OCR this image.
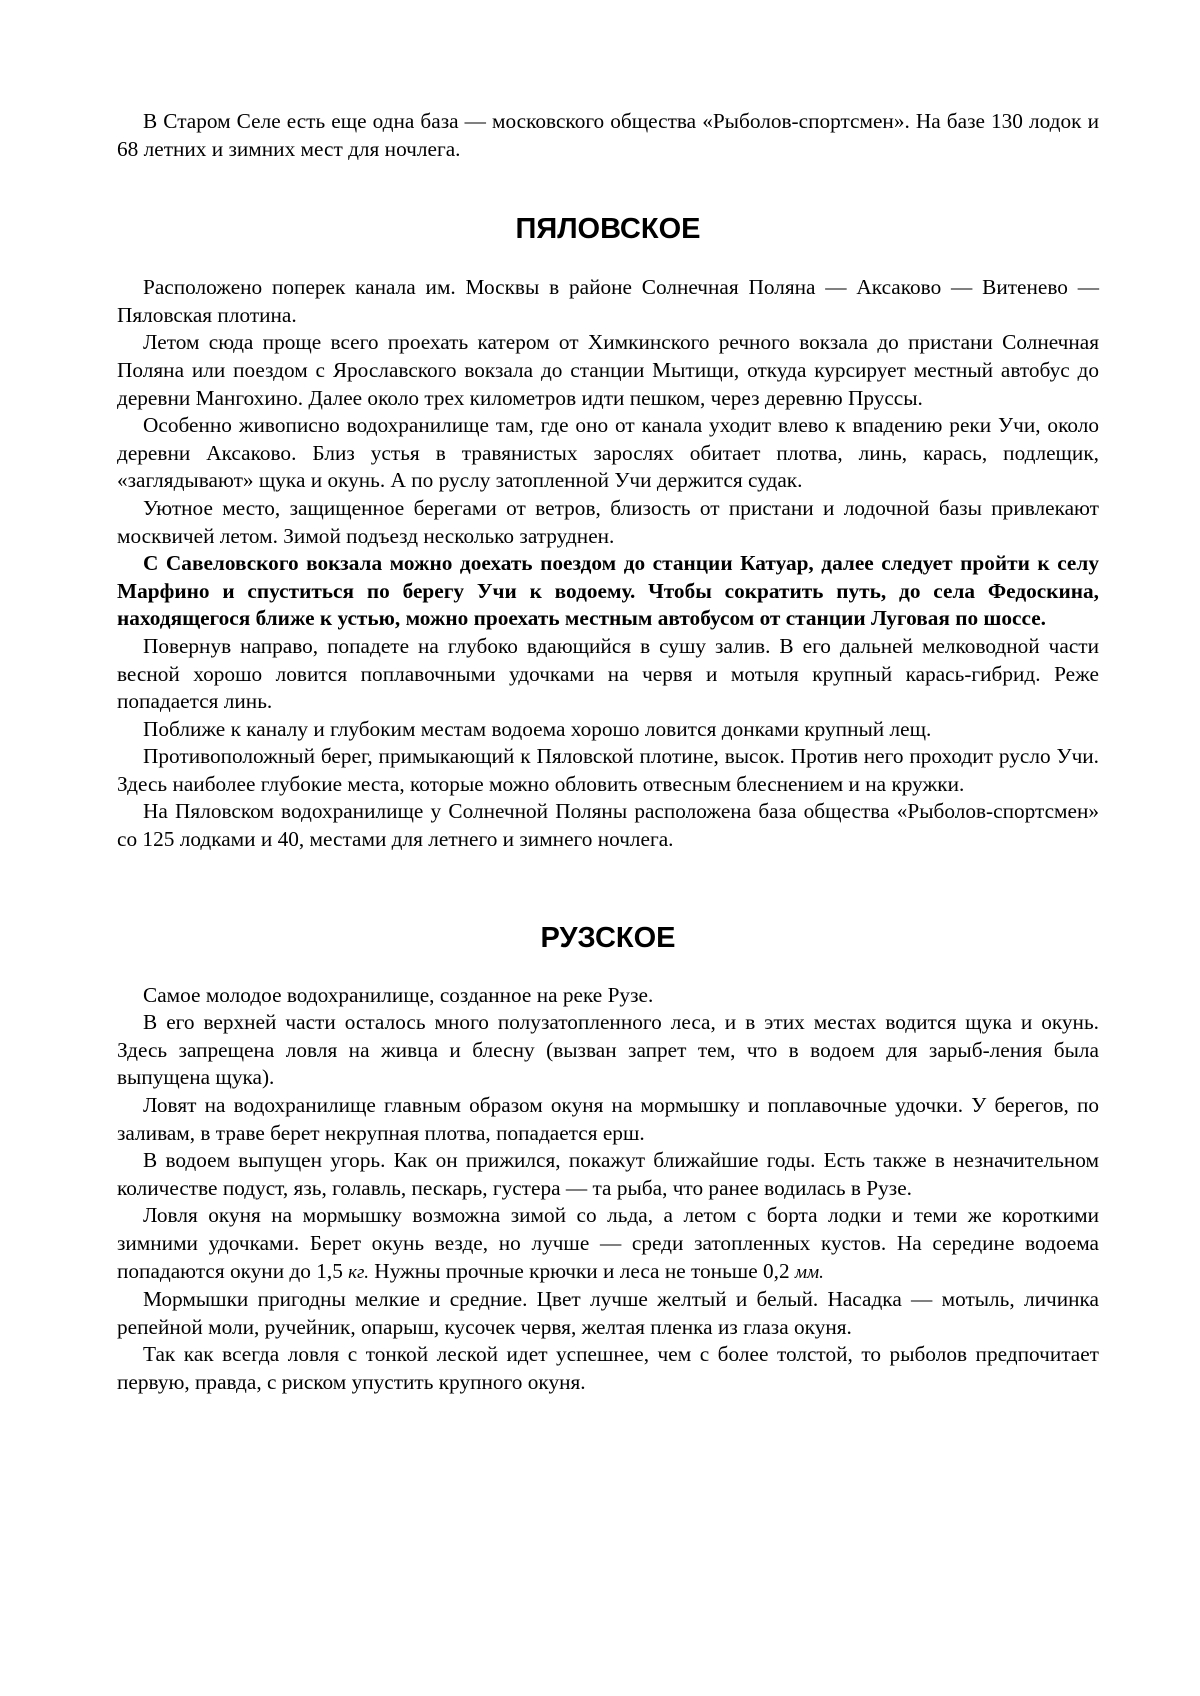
В Старом Селе есть еще одна база — московского общества «Рыболов-спортсмен». На базе 130 лодок и 68 летних и зимних мест для ночлега.

ПЯЛОВСКОЕ

Расположено поперек канала им. Москвы в районе Солнечная Поляна — Аксаково — Витенево — Пяловская плотина.

Летом сюда проще всего проехать катером от Химкинского речного вокзала до пристани Солнечная Поляна или поездом с Ярославского вокзала до станции Мытищи, откуда курсирует местный автобус до деревни Мангохино. Далее около трех километров идти пешком, через деревню Пруссы.

Особенно живописно водохранилище там, где оно от канала уходит влево к впадению реки Учи, около деревни Аксаково. Близ устья в травянистых зарослях обитает плотва, линь, карась, подлещик, «заглядывают» щука и окунь. А по руслу затопленной Учи держится судак.

Уютное место, защищенное берегами от ветров, близость от пристани и лодочной базы привлекают москвичей летом. Зимой подъезд несколько затруднен.

С Савеловского вокзала можно доехать поездом до станции Катуар, далее следует пройти к селу Марфино и спуститься по берегу Учи к водоему. Чтобы сократить путь, до села Федоскина, находящегося ближе к устью, можно проехать местным автобусом от станции Луговая по шоссе.

Повернув направо, попадете на глубоко вдающийся в сушу залив. В его дальней мелководной части весной хорошо ловится поплавочными удочками на червя и мотыля крупный карась-гибрид. Реже попадается линь.

Поближе к каналу и глубоким местам водоема хорошо ловится донками крупный лещ.

Противоположный берег, примыкающий к Пяловской плотине, высок. Против него проходит русло Учи. Здесь наиболее глубокие места, которые можно обловить отвесным блеснением и на кружки.

На Пяловском водохранилище у Солнечной Поляны расположена база общества «Рыболов-спортсмен» со 125 лодками и 40, местами для летнего и зимнего ночлега.

РУЗСКОЕ

Самое молодое водохранилище, созданное на реке Рузе.

В его верхней части осталось много полузатопленного леса, и в этих местах водится щука и окунь. Здесь запрещена ловля на живца и блесну (вызван запрет тем, что в водоем для зарыб-ления была выпущена щука).

Ловят на водохранилище главным образом окуня на мормышку и поплавочные удочки. У берегов, по заливам, в траве берет некрупная плотва, попадается ерш.

В водоем выпущен угорь. Как он прижился, покажут ближайшие годы. Есть также в незначительном количестве подуст, язь, голавль, пескарь, густера — та рыба, что ранее водилась в Рузе.

Ловля окуня на мормышку возможна зимой со льда, а летом с борта лодки и теми же короткими зимними удочками. Берет окунь везде, но лучше — среди затопленных кустов. На середине водоема попадаются окуни до 1,5 кг. Нужны прочные крючки и леса не тоньше 0,2 мм.

Мормышки пригодны мелкие и средние. Цвет лучше желтый и белый. Насадка — мотыль, личинка репейной моли, ручейник, опарыш, кусочек червя, желтая пленка из глаза окуня.

Так как всегда ловля с тонкой леской идет успешнее, чем с более толстой, то рыболов предпочитает первую, правда, с риском упустить крупного окуня.
